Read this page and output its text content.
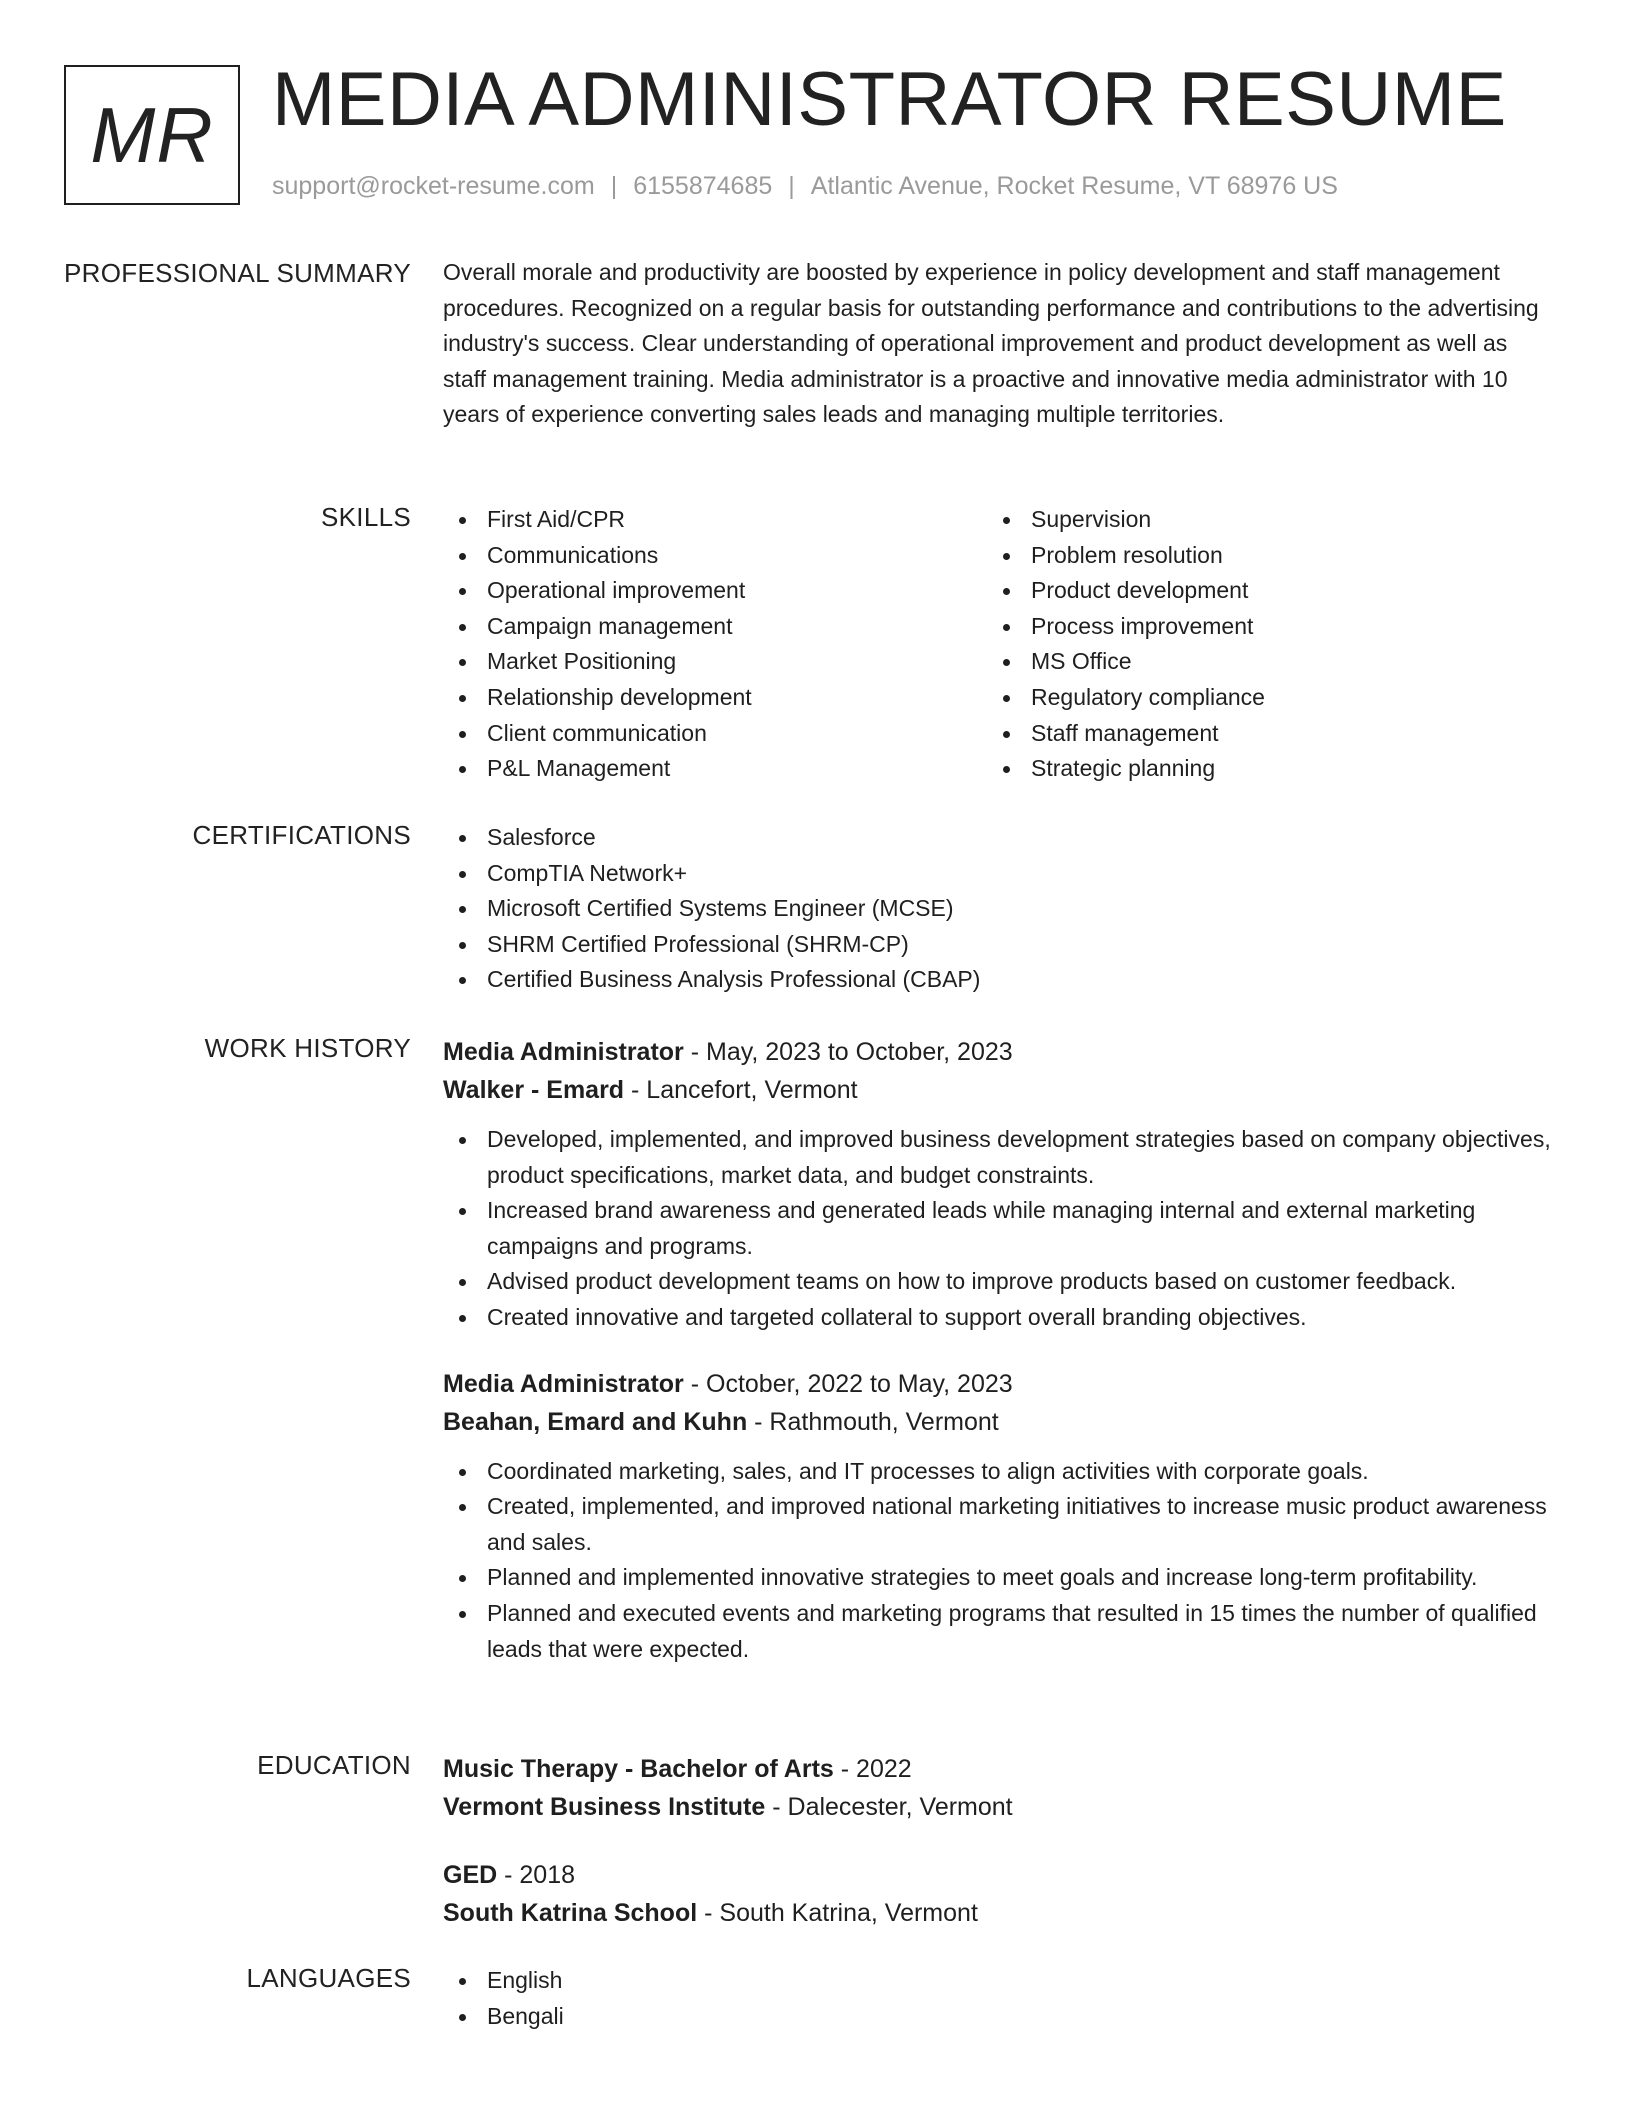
MR MEDIA ADMINISTRATOR RESUME
support@rocket-resume.com | 6155874685 | Atlantic Avenue, Rocket Resume, VT 68976 US
PROFESSIONAL SUMMARY Overall morale and productivity are boosted by experience in policy development and staff management procedures. Recognized on a regular basis for outstanding performance and contributions to the advertising industry's success. Clear understanding of operational improvement and product development as well as staff management training. Media administrator is a proactive and innovative media administrator with 10 years of experience converting sales leads and managing multiple territories.

SKILLS	First Aid/CPR
Communications
Operational improvement
Campaign management
Market Positioning
Relationship development
Client communication
P&L Management
Supervision
Problem resolution
Product development
Process improvement
MS Office
Regulatory compliance
Staff management
Strategic planning
CERTIFICATIONS	Salesforce
CompTIA Network+
Microsoft Certified Systems Engineer (MCSE)
SHRM Certified Professional (SHRM-CP)
Certified Business Analysis Professional (CBAP)
WORK HISTORY Media Administrator - May, 2023 to October, 2023
Walker - Emard - Lancefort, Vermont
Developed, implemented, and improved business development strategies based on company objectives, product specifications, market data, and budget constraints.
Increased brand awareness and generated leads while managing internal and external marketing campaigns and programs.
Advised product development teams on how to improve products based on customer feedback.
Created innovative and targeted collateral to support overall branding objectives.
Media Administrator - October, 2022 to May, 2023
Beahan, Emard and Kuhn - Rathmouth, Vermont
Coordinated marketing, sales, and IT processes to align activities with corporate goals.
Created, implemented, and improved national marketing initiatives to increase music product awareness and sales.
Planned and implemented innovative strategies to meet goals and increase long-term profitability.
Planned and executed events and marketing programs that resulted in 15 times the number of qualified leads that were expected.
EDUCATION Music Therapy - Bachelor of Arts - 2022
Vermont Business Institute - Dalecester, Vermont
GED - 2018
South Katrina School - South Katrina, Vermont
LANGUAGES	English
Bengali
